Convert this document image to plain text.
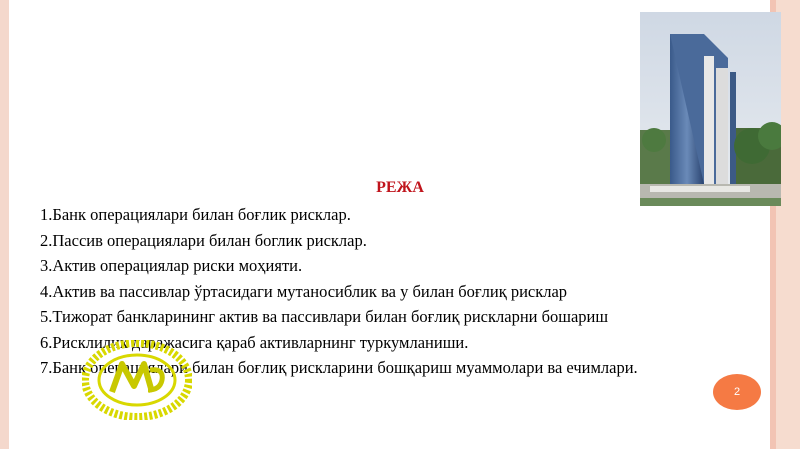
РЕЖА
1.Банк операциялари билан боғлик рисклар.
2.Пассив операциялари билан боглик рисклар.
3.Актив операциялар риски моҳияти.
4.Актив ва пассивлар ўртасидаги мутаносиблик ва у билан боғлиқ рисклар
5.Тижорат банкларининг актив ва пассивлари билан боғлиқ рискларни бошариш
6.Рисклилик даражасига қараб активларнинг туркумланиши.
7.Банк операциялари билан боғлиқ рискларини бошқариш муаммолари ва ечимлари.
2
